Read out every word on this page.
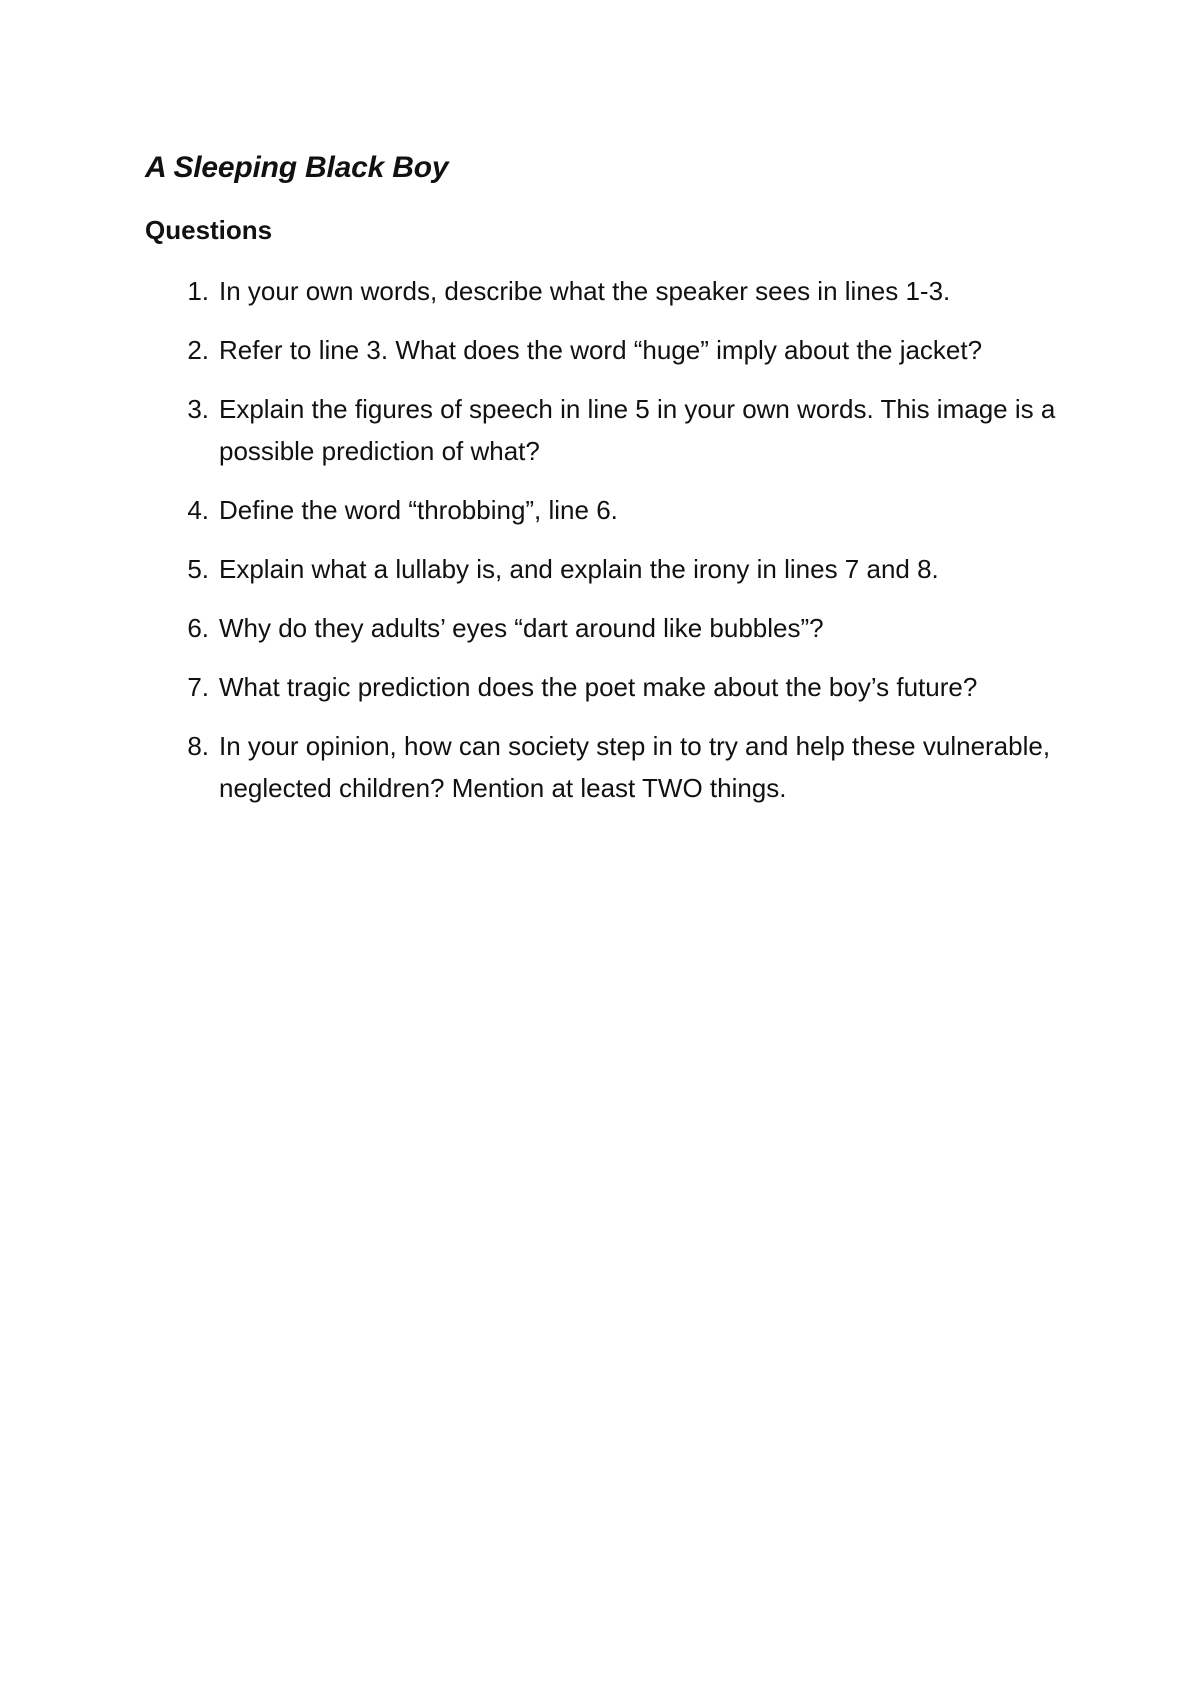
A Sleeping Black Boy
Questions
1. In your own words, describe what the speaker sees in lines 1-3.
2. Refer to line 3. What does the word “huge” imply about the jacket?
3. Explain the figures of speech in line 5 in your own words. This image is a possible prediction of what?
4. Define the word “throbbing”, line 6.
5. Explain what a lullaby is, and explain the irony in lines 7 and 8.
6. Why do they adults’ eyes “dart around like bubbles”?
7. What tragic prediction does the poet make about the boy’s future?
8. In your opinion, how can society step in to try and help these vulnerable, neglected children? Mention at least TWO things.
